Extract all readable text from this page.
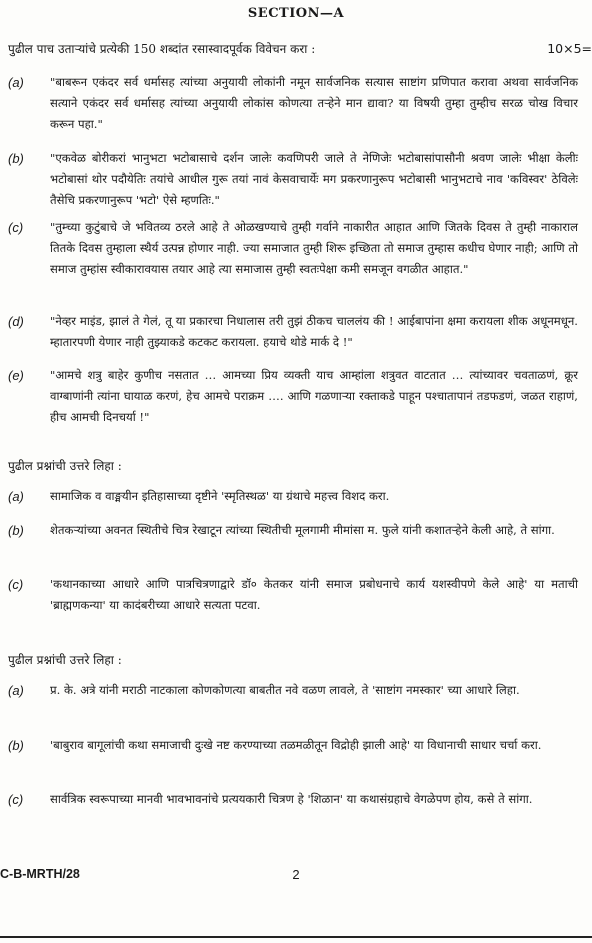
SECTION—A
पुढील पाच उताऱ्यांचे प्रत्येकी 150 शब्दांत रसास्वादपूर्वक विवेचन करा :	10×5=
(a)	"बाबरून एकंदर सर्व धर्मासह त्यांच्या अनुयायी लोकांनी नमून सार्वजनिक सत्यास साष्टांग प्रणिपात करावा अथवा सार्वजनिक सत्याने एकंदर सर्व धर्मासह त्यांच्या अनुयायी लोकांस कोणत्या तऱ्हेने मान द्यावा? या विषयी तुम्हा तुम्हीच सरळ चोख विचार करून पहा."
(b)	"एकवेळ बोरीकरां भानुभटा भटोबासाचे दर्शन जालेः कवणिपरी जाले ते नेणिजेः भटोबासांपासौनी श्रवण जालेः भीक्षा केलीः भटोबासां थोर पदौयेतिः तयांचे आधील गुरू तयां नावं केसवाचार्येः मग प्रकरणानुरूप भटोबासी भानुभटाचे नाव 'कविस्वर' ठेविलेः तैसेचि प्रकरणानुरूप 'भटो' ऐसे म्हणतिः."
(c)	"तुम्च्या कुटुंबाचे जे भवितव्य ठरले आहे ते ओळखण्याचे तुम्ही गर्वाने नाकारीत आहात आणि जितके दिवस ते तुम्ही नाकाराल तितके दिवस तुम्हाला स्थैर्य उत्पन्न होणार नाही. ज्या समाजात तुम्ही शिरू इच्छिता तो समाज तुम्हास कधीच घेणार नाही; आणि तो समाज तुम्हांस स्वीकारावयास तयार आहे त्या समाजास तुम्ही स्वतःपेक्षा कमी समजून वगळीत आहात."
(d)	"नेव्हर माइंड, झालं ते गेलं, तू या प्रकारचा निधालास तरी तुझं ठीकच चाललंय की ! आईबापांना क्षमा करायला शीक अधूनमधून. म्हातारपणी येणार नाही तुझ्याकडे कटकट करायला. हयाचे थोडे मार्क दे !"
(e)	"आमचे शत्रु बाहेर कुणीच नसतात … आमच्या प्रिय व्यक्ती याच आम्हांला शत्रुवत वाटतात … त्यांच्यावर चवताळणं, क्रूर वाग्बाणांनी त्यांना घायाळ करणं, हेच आमचे पराक्रम …. आणि गळणाऱ्या रक्ताकडे पाहून पश्चातापानं तडफडणं, जळत राहाणं, हीच आमची दिनचर्या !"
पुढील प्रश्नांची उत्तरे लिहा :
(a)	सामाजिक व वाङ्मयीन इतिहासाच्या दृष्टीने 'स्मृतिस्थळ' या ग्रंथाचे महत्त्व विशद करा.
(b)	शेतकऱ्यांच्या अवनत स्थितीचे चित्र रेखाटून त्यांच्या स्थितीची मूलगामी मीमांसा म. फुले यांनी कशातऱ्हेने केली आहे, ते सांगा.
(c)	'कथानकाच्या आधारे आणि पात्रचित्रणाद्वारे डॉ० केतकर यांनी समाज प्रबोधनाचे कार्य यशस्वीपणे केले आहे' या मताची 'ब्राह्मणकन्या' या कादंबरीच्या आधारे सत्यता पटवा.
पुढील प्रश्नांची उत्तरे लिहा :
(a)	प्र. के. अत्रे यांनी मराठी नाटकाला कोणकोणत्या बाबतीत नवे वळण लावले, ते 'साष्टांग नमस्कार' च्या आधारे लिहा.
(b)	'बाबुराव बागूलांची कथा समाजाची दुःखे नष्ट करण्याच्या तळमळीतून विद्रोही झाली आहे' या विधानाची साधार चर्चा करा.
(c)	सार्वत्रिक स्वरूपाच्या मानवी भावभावनांचे प्रत्ययकारी चित्रण हे 'शिळान' या कथासंग्रहाचे वेगळेपण होय, कसे ते सांगा.
C-B-MRTH/28	2
